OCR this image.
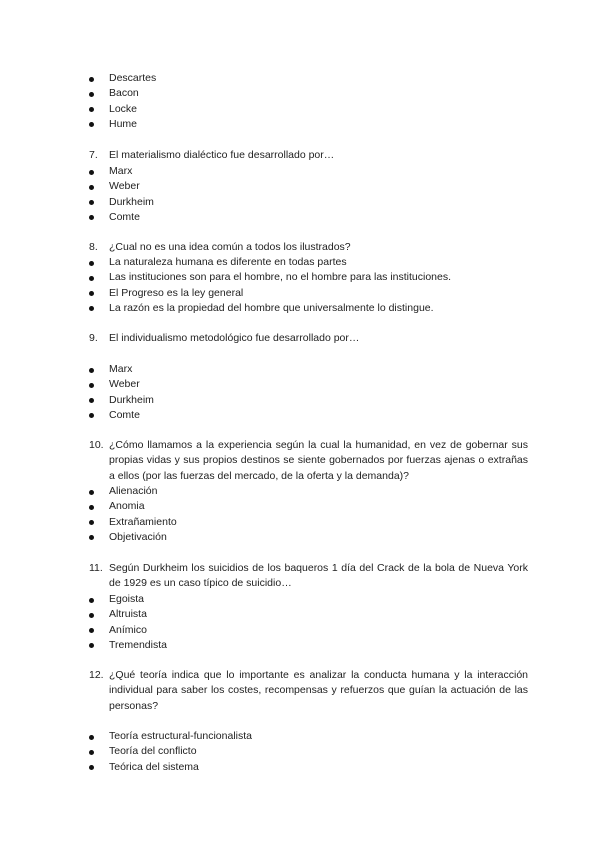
Descartes
Bacon
Locke
Hume
7. El materialismo dialéctico fue desarrollado por…
Marx
Weber
Durkheim
Comte
8. ¿Cual no es una idea común a todos los ilustrados?
La naturaleza humana es diferente en todas partes
Las instituciones son para el hombre, no el hombre para las instituciones.
El Progreso es la ley general
La razón es la propiedad del hombre que universalmente lo distingue.
9. El individualismo metodológico fue desarrollado por…
Marx
Weber
Durkheim
Comte
10. ¿Cómo llamamos a la experiencia según la cual la humanidad, en vez de gobernar sus propias vidas y sus propios destinos se siente gobernados por fuerzas ajenas o extrañas a ellos (por las fuerzas del mercado, de la oferta y la demanda)?
Alienación
Anomia
Extrañamiento
Objetivación
11. Según Durkheim los suicidios de los baqueros 1 día del Crack de la bola de Nueva York de 1929 es un caso típico de suicidio…
Egoista
Altruista
Anímico
Tremendista
12. ¿Qué teoría indica que lo importante es analizar la conducta humana y la interacción individual para saber los costes, recompensas y refuerzos que guían la actuación de las personas?
Teoría estructural-funcionalista
Teoría del conflicto
Teórica del sistema
